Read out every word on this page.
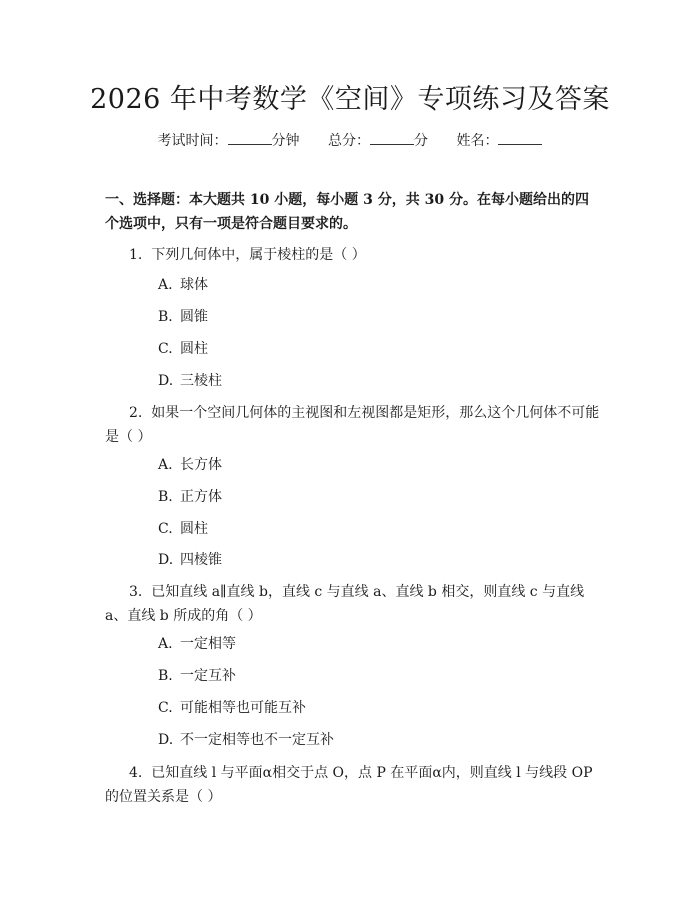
2026 年中考数学《空间》专项练习及答案
考试时间：	分钟 总分：	分 姓名：
一、选择题：本大题共 10 小题，每小题 3 分，共 30 分。在每小题给出的四个选项中，只有一项是符合题目要求的。
1. 下列几何体中，属于棱柱的是（ ）
A. 球体
B. 圆锥
C. 圆柱
D. 三棱柱
2. 如果一个空间几何体的主视图和左视图都是矩形，那么这个几何体不可能是（ ）
A. 长方体
B. 正方体
C. 圆柱
D. 四棱锥
3. 已知直线 a∥直线 b，直线 c 与直线 a、直线 b 相交，则直线 c 与直线 a、直线 b 所成的角（ ）
A. 一定相等
B. 一定互补
C. 可能相等也可能互补
D. 不一定相等也不一定互补
4. 已知直线 l 与平面α相交于点 O，点 P 在平面α内，则直线 l 与线段 OP 的位置关系是（ ）
